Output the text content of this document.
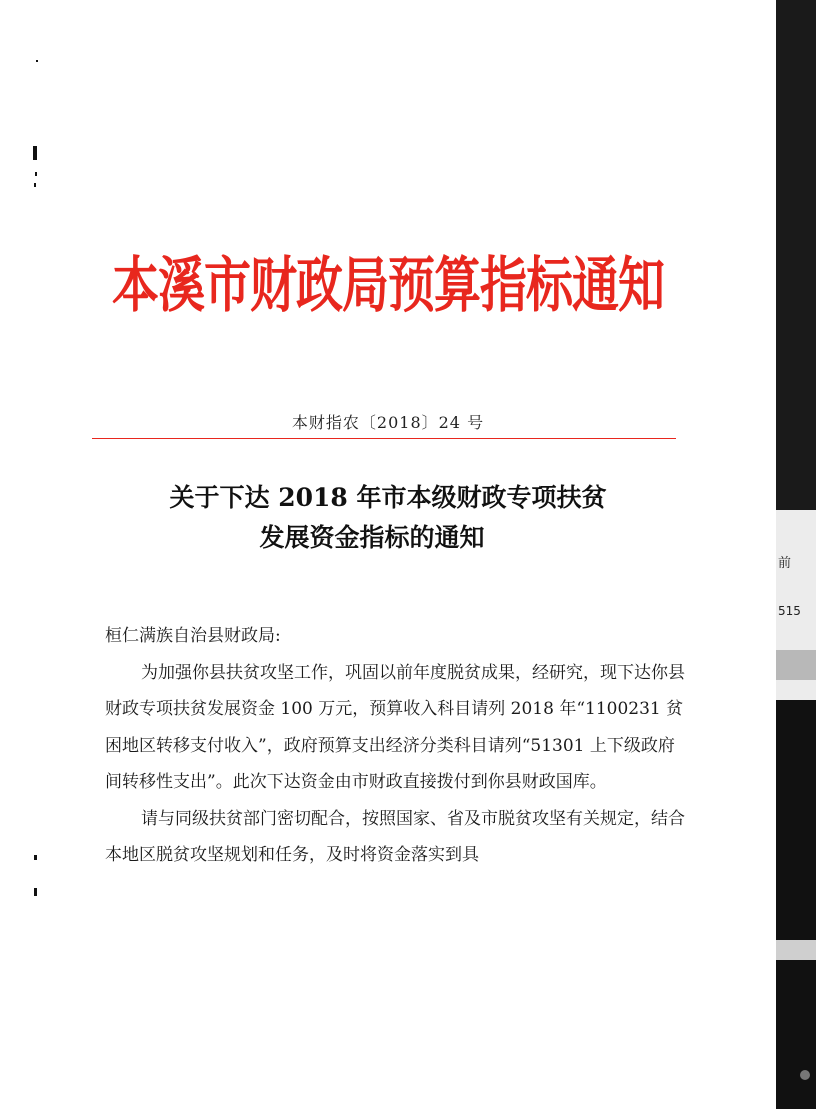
本溪市财政局预算指标通知
本财指农〔2018〕24 号
关于下达 2018 年市本级财政专项扶贫
发展资金指标的通知

桓仁满族自治县财政局:

为加强你县扶贫攻坚工作，巩固以前年度脱贫成果，经研究，现下达你县财政专项扶贫发展资金 100 万元，预算收入科目请列 2018 年“1100231 贫困地区转移支付收入”，政府预算支出经济分类科目请列“51301 上下级政府间转移性支出”。此次下达资金由市财政直接拨付到你县财政国库。

请与同级扶贫部门密切配合，按照国家、省及市脱贫攻坚有关规定，结合本地区脱贫攻坚规划和任务，及时将资金落实到具

前
515
